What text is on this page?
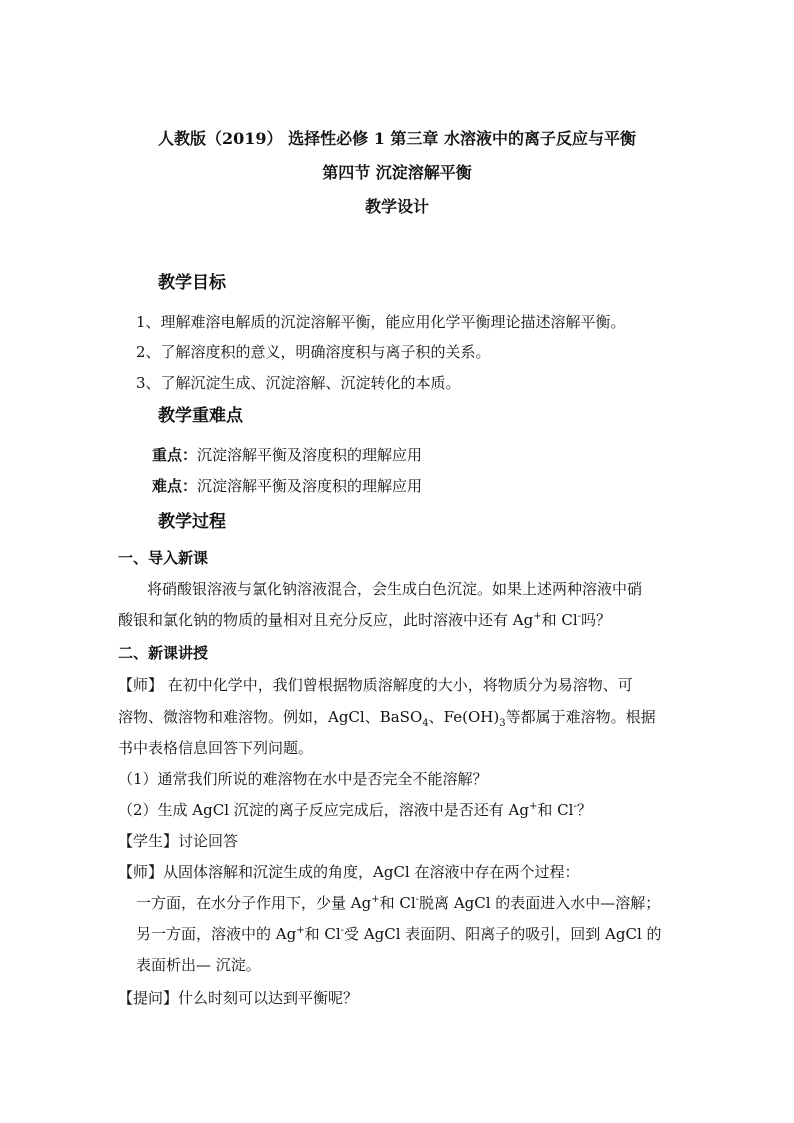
人教版（2019） 选择性必修 1 第三章 水溶液中的离子反应与平衡
第四节 沉淀溶解平衡
教学设计
教学目标
1、理解难溶电解质的沉淀溶解平衡，能应用化学平衡理论描述溶解平衡。
2、了解溶度积的意义，明确溶度积与离子积的关系。
3、了解沉淀生成、沉淀溶解、沉淀转化的本质。
教学重难点
重点：沉淀溶解平衡及溶度积的理解应用
难点：沉淀溶解平衡及溶度积的理解应用
教学过程
一、导入新课
将硝酸银溶液与氯化钠溶液混合，会生成白色沉淀。如果上述两种溶液中硝
酸银和氯化钠的物质的量相对且充分反应，此时溶液中还有 Ag+和 Cl-吗？
二、新课讲授
【师】 在初中化学中，我们曾根据物质溶解度的大小，将物质分为易溶物、可
溶物、微溶物和难溶物。例如，AgCl、BaSO$_4$、$Fe(OH)_3$等都属于难溶物。根据
书中表格信息回答下列问题。
（1）通常我们所说的难溶物在水中是否完全不能溶解？
（2）生成 AgCl 沉淀的离子反应完成后，溶液中是否还有 Ag+和 Cl-？
【学生】讨论回答
【师】从固体溶解和沉淀生成的角度，AgCl 在溶液中存在两个过程：
一方面，在水分子作用下，少量 Ag+和 Cl-脱离 AgCl 的表面进入水中—溶解；
另一方面，溶液中的 Ag+和 Cl-受 AgCl 表面阴、阳离子的吸引，回到 AgCl 的
表面析出— 沉淀。
【提问】什么时刻可以达到平衡呢？
